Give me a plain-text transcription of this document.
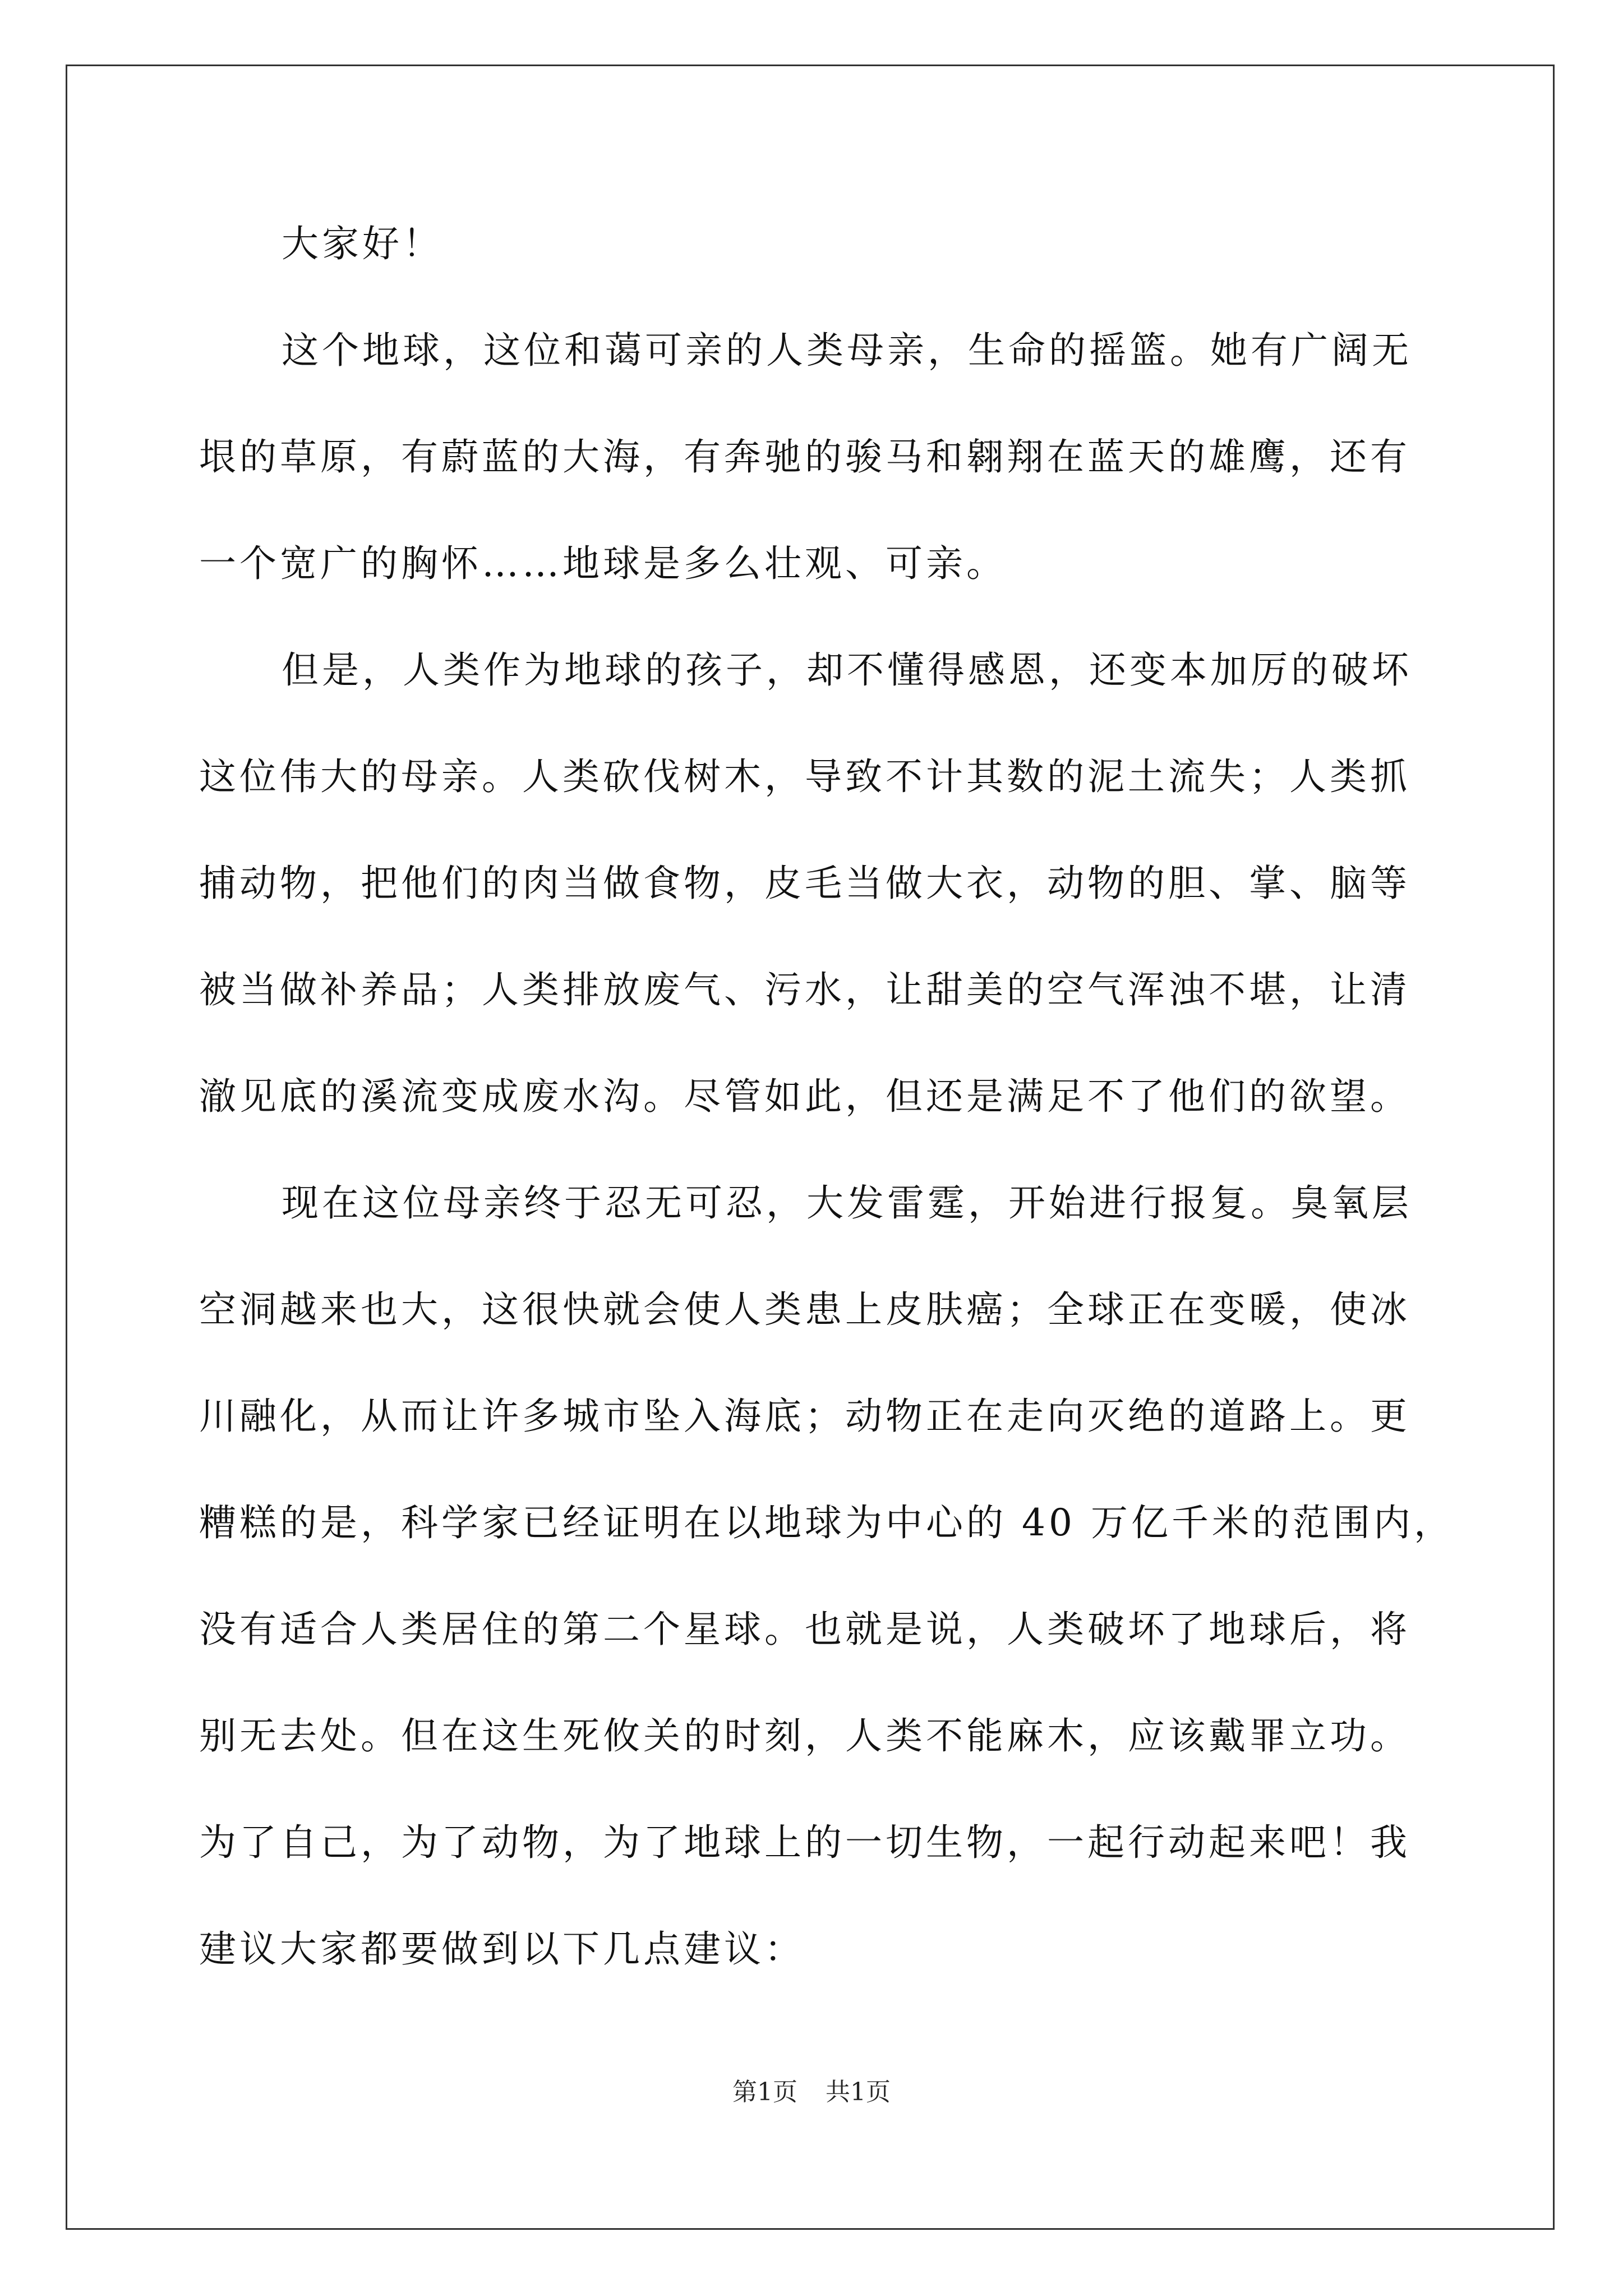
大家好！
这个地球，这位和蔼可亲的人类母亲，生命的摇篮。她有广阔无
垠的草原，有蔚蓝的大海，有奔驰的骏马和翱翔在蓝天的雄鹰，还有
一个宽广的胸怀……地球是多么壮观、可亲。
但是，人类作为地球的孩子，却不懂得感恩，还变本加厉的破坏
这位伟大的母亲。人类砍伐树木，导致不计其数的泥土流失；人类抓
捕动物，把他们的肉当做食物，皮毛当做大衣，动物的胆、掌、脑等
被当做补养品；人类排放废气、污水，让甜美的空气浑浊不堪，让清
澈见底的溪流变成废水沟。尽管如此，但还是满足不了他们的欲望。
现在这位母亲终于忍无可忍，大发雷霆，开始进行报复。臭氧层
空洞越来也大，这很快就会使人类患上皮肤癌；全球正在变暖，使冰
川融化，从而让许多城市坠入海底；动物正在走向灭绝的道路上。更
糟糕的是，科学家已经证明在以地球为中心的 40 万亿千米的范围内，
没有适合人类居住的第二个星球。也就是说，人类破坏了地球后，将
别无去处。但在这生死攸关的时刻，人类不能麻木，应该戴罪立功。
为了自己，为了动物，为了地球上的一切生物，一起行动起来吧！我
建议大家都要做到以下几点建议：
第1页 共1页
